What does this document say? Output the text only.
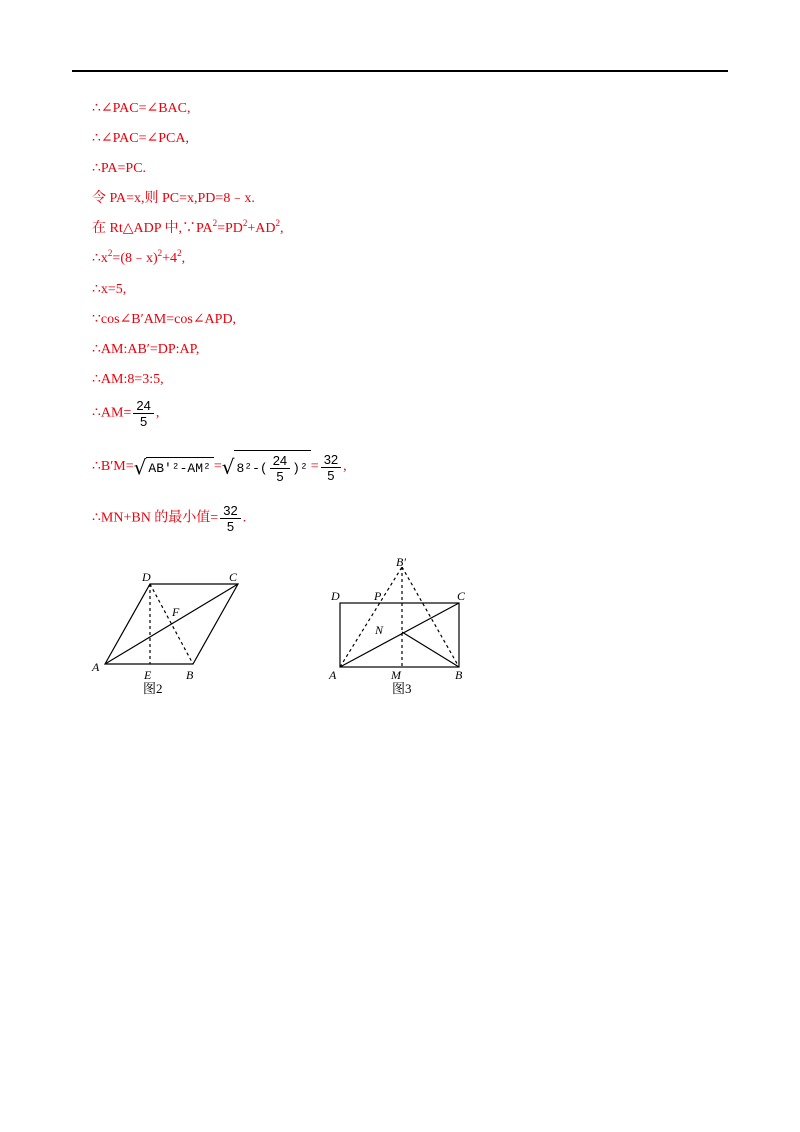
∴∠PAC=∠BAC,
∴∠PAC=∠PCA,
∴PA=PC.
令 PA=x,则 PC=x,PD=8﹣x.
在 Rt△ADP 中$,\because PA^2=PD^2+AD^2$,
$\therefore x^2=(8﹣x)^2+4^2$,
∴x=5,
∵cos∠B′AM=cos∠APD,
∴AM:AB′=DP:AP,
∴AM:8=3:5,
∴AM= $\frac{24}{5}$ ,
∴B′M=√ AB′²-AM² =√ $8^2-( \frac{24}{5} )^2 = \frac{32}{5}$ ,
∴MN+BN 的最小值= $\frac{32}{5}$ .
A
B
C
D
E
F
图2
A	B
C
D
M
N
P
B′
图3
